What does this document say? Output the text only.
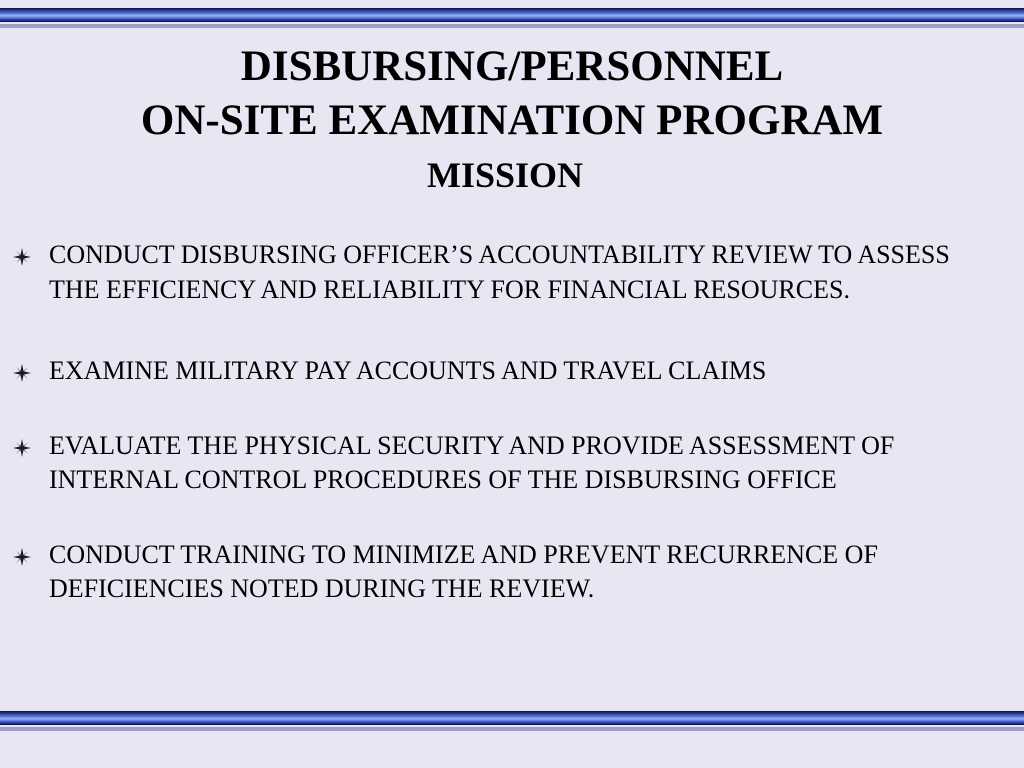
DISBURSING/PERSONNEL
ON-SITE EXAMINATION PROGRAM
MISSION
CONDUCT DISBURSING OFFICER’S ACCOUNTABILITY REVIEW TO ASSESS THE EFFICIENCY AND RELIABILITY FOR FINANCIAL RESOURCES.
EXAMINE MILITARY PAY ACCOUNTS AND TRAVEL CLAIMS
EVALUATE THE PHYSICAL SECURITY AND PROVIDE ASSESSMENT OF INTERNAL CONTROL PROCEDURES OF THE DISBURSING OFFICE
CONDUCT TRAINING TO MINIMIZE AND PREVENT RECURRENCE OF DEFICIENCIES NOTED DURING THE REVIEW.
